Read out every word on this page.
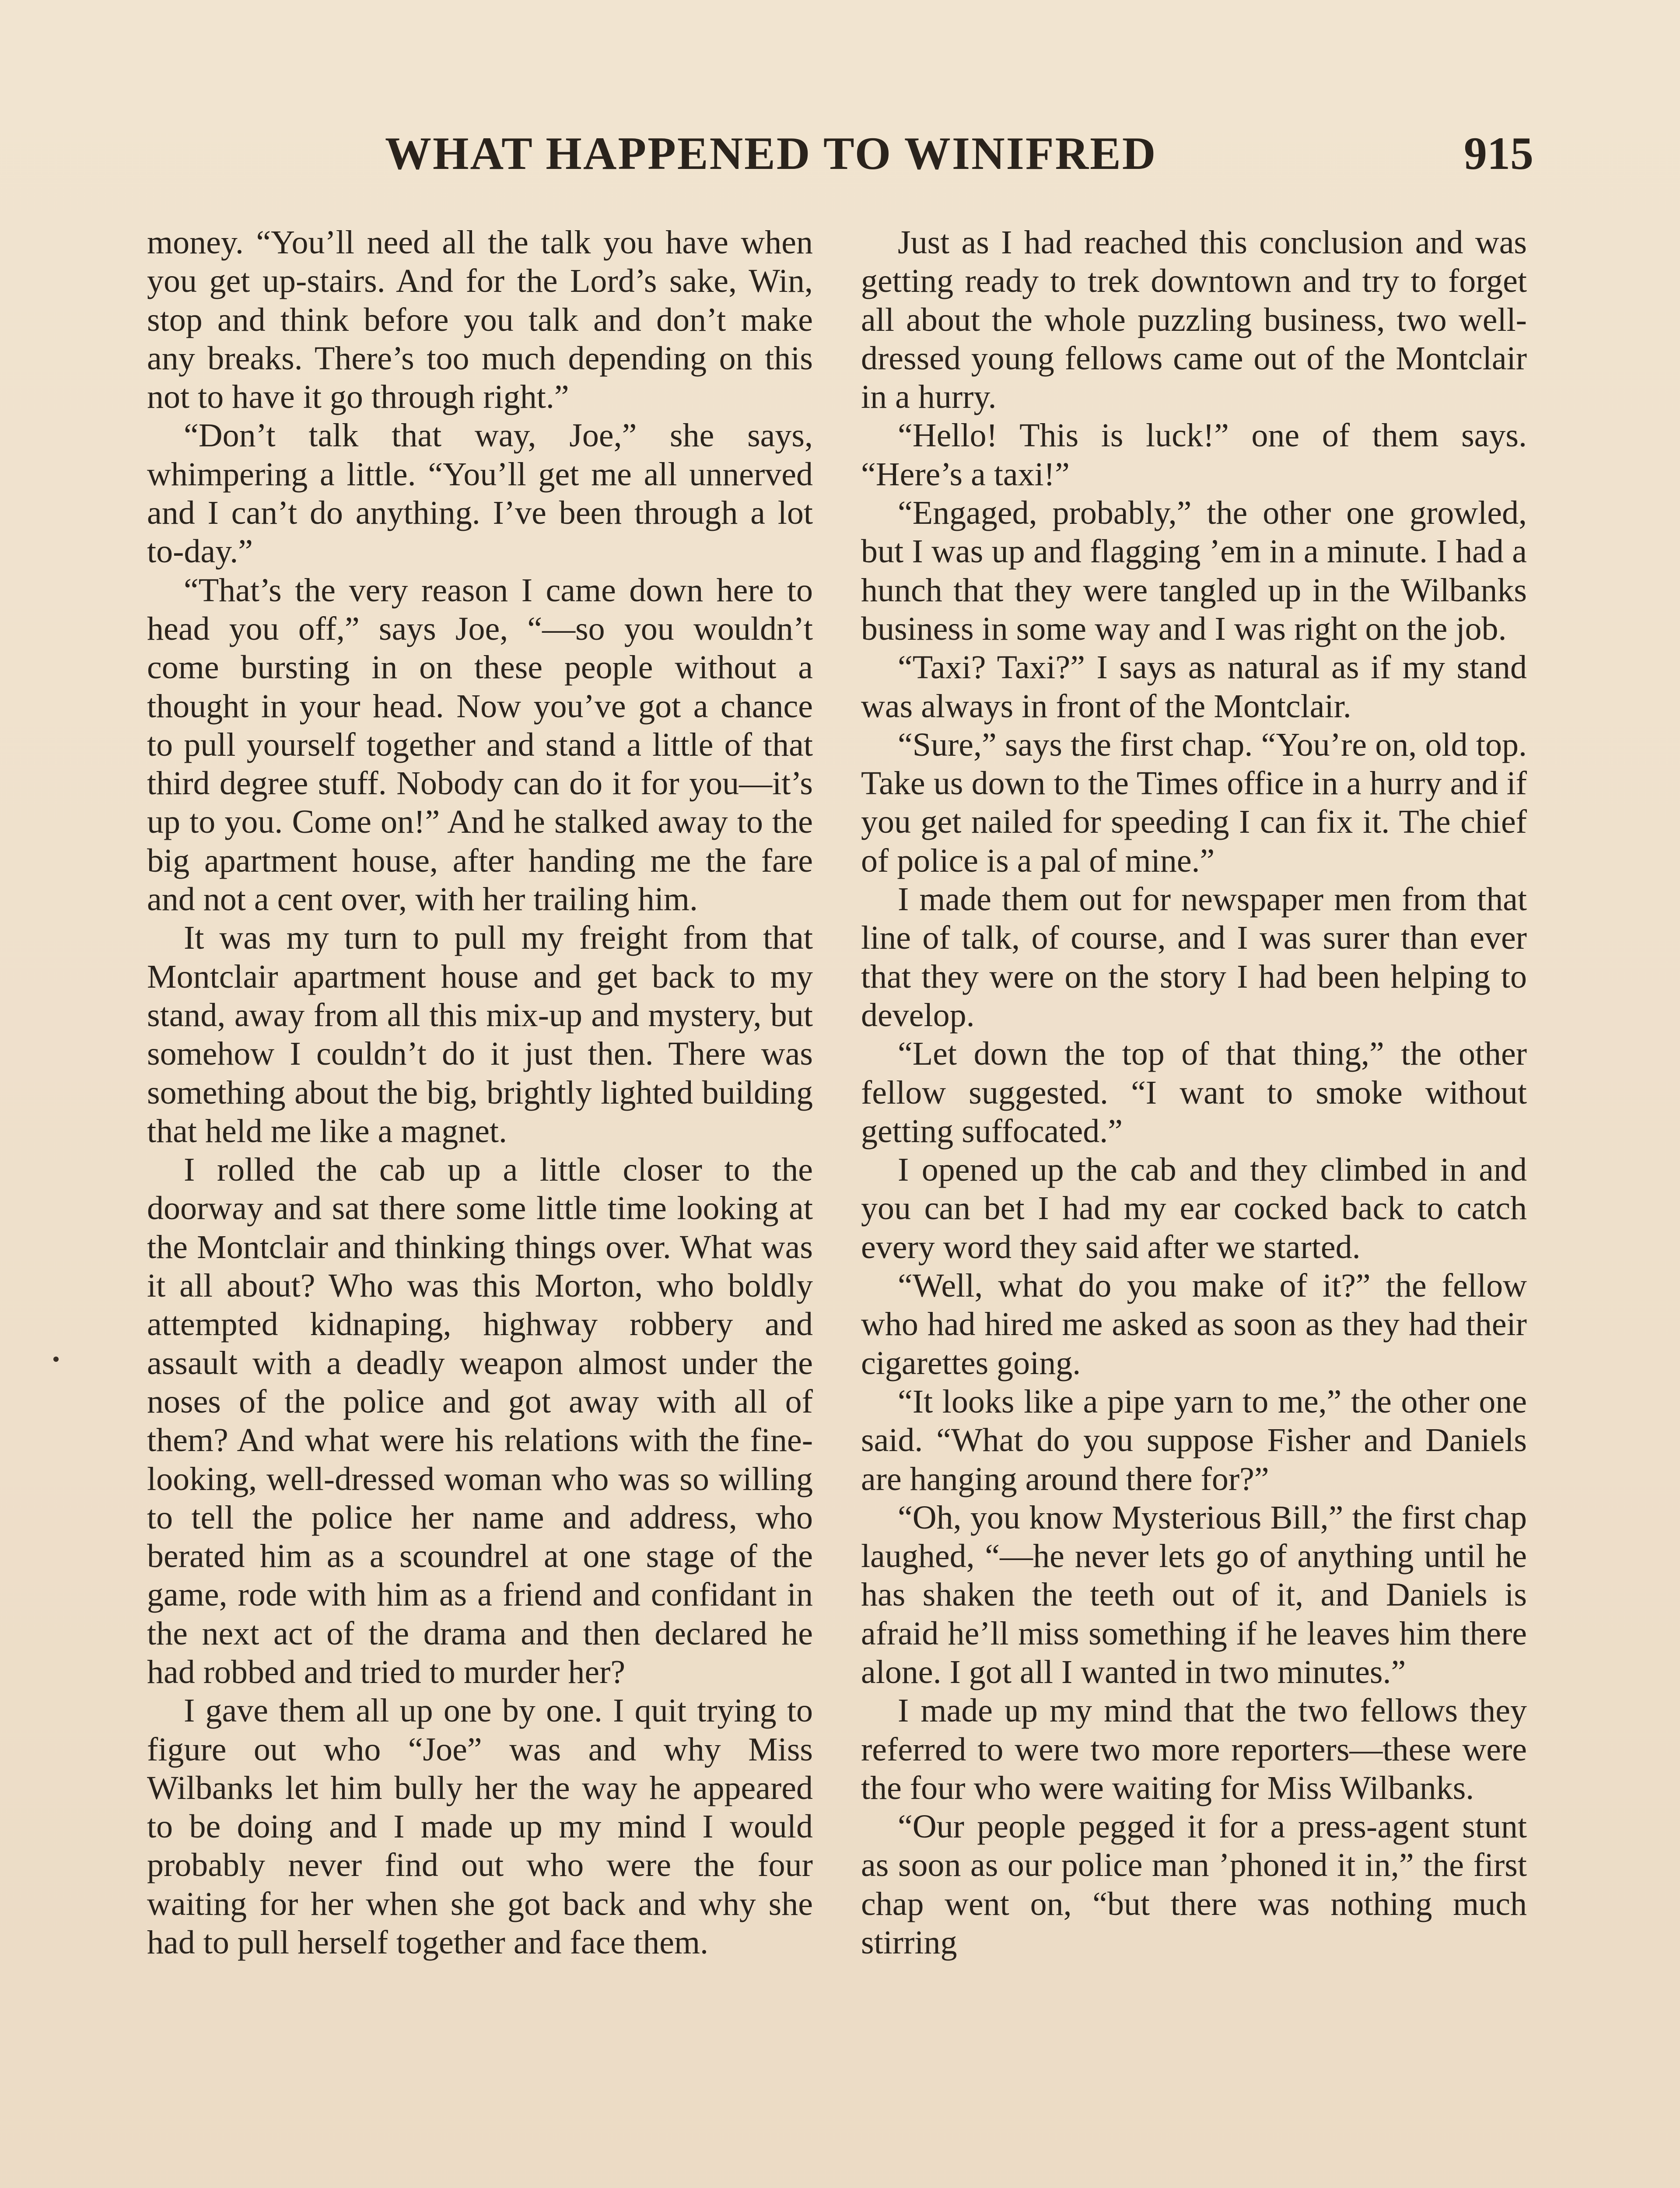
WHAT HAPPENED TO WINIFRED	915

money. “You’ll need all the talk you have when you get up-stairs. And for the Lord’s sake, Win, stop and think before you talk and don’t make any breaks. There’s too much depending on this not to have it go through right.”

“Don’t talk that way, Joe,” she says, whimpering a little. “You’ll get me all unnerved and I can’t do anything. I’ve been through a lot to-day.”

“That’s the very reason I came down here to head you off,” says Joe, “—so you wouldn’t come bursting in on these people without a thought in your head. Now you’ve got a chance to pull yourself together and stand a little of that third degree stuff. Nobody can do it for you—it’s up to you. Come on!” And he stalked away to the big apartment house, after handing me the fare and not a cent over, with her trailing him.

It was my turn to pull my freight from that Montclair apartment house and get back to my stand, away from all this mix-up and mystery, but somehow I couldn’t do it just then. There was something about the big, brightly lighted building that held me like a magnet.

I rolled the cab up a little closer to the doorway and sat there some little time looking at the Montclair and thinking things over. What was it all about? Who was this Morton, who boldly attempted kidnaping, highway robbery and assault with a deadly weapon almost under the noses of the police and got away with all of them? And what were his relations with the fine-looking, well-dressed woman who was so willing to tell the police her name and address, who berated him as a scoundrel at one stage of the game, rode with him as a friend and confidant in the next act of the drama and then declared he had robbed and tried to murder her?

I gave them all up one by one. I quit trying to figure out who “Joe” was and why Miss Wilbanks let him bully her the way he appeared to be doing and I made up my mind I would probably never find out who were the four waiting for her when she got back and why she had to pull herself together and face them.

Just as I had reached this conclusion and was getting ready to trek downtown and try to forget all about the whole puzzling business, two well-dressed young fellows came out of the Montclair in a hurry.

“Hello! This is luck!” one of them says. “Here’s a taxi!”

“Engaged, probably,” the other one growled, but I was up and flagging ’em in a minute. I had a hunch that they were tangled up in the Wilbanks business in some way and I was right on the job.

“Taxi? Taxi?” I says as natural as if my stand was always in front of the Montclair.

“Sure,” says the first chap. “You’re on, old top. Take us down to the Times office in a hurry and if you get nailed for speeding I can fix it. The chief of police is a pal of mine.”

I made them out for newspaper men from that line of talk, of course, and I was surer than ever that they were on the story I had been helping to develop.

“Let down the top of that thing,” the other fellow suggested. “I want to smoke without getting suffocated.”

I opened up the cab and they climbed in and you can bet I had my ear cocked back to catch every word they said after we started.

“Well, what do you make of it?” the fellow who had hired me asked as soon as they had their cigarettes going.

“It looks like a pipe yarn to me,” the other one said. “What do you suppose Fisher and Daniels are hanging around there for?”

“Oh, you know Mysterious Bill,” the first chap laughed, “—he never lets go of anything until he has shaken the teeth out of it, and Daniels is afraid he’ll miss something if he leaves him there alone. I got all I wanted in two minutes.”

I made up my mind that the two fellows they referred to were two more reporters—these were the four who were waiting for Miss Wilbanks.

“Our people pegged it for a press-agent stunt as soon as our police man ’phoned it in,” the first chap went on, “but there was nothing much stirring
